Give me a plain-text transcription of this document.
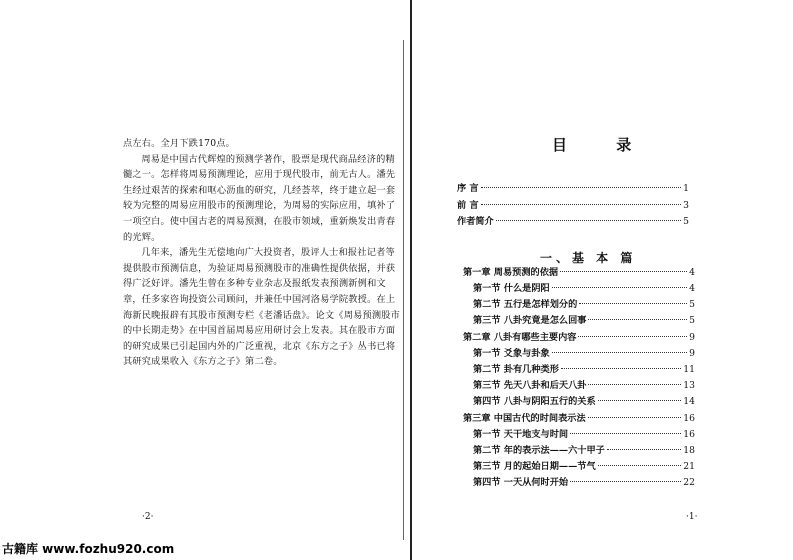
点左右。全月下跌170点。

周易是中国古代辉煌的预测学著作，股票是现代商品经济的精髓之一。怎样将周易预测理论，应用于现代股市，前无古人。潘先生经过艰苦的探索和呕心沥血的研究，几经荟萃，终于建立起一套较为完整的周易应用股市的预测理论，为周易的实际应用，填补了一项空白。使中国古老的周易预测，在股市领域，重新焕发出青春的光辉。

几年来，潘先生无偿地向广大投资者，股评人士和报社记者等提供股市预测信息，为验证周易预测股市的准确性提供依据，并获得广泛好评。潘先生曾在多种专业杂志及报纸发表预测新例和文章，任多家咨询投资公司顾问，并兼任中国河洛易学院教授。在上海新民晚报辟有其股市预测专栏《老潘话盘》。论文《周易预测股市的中长期走势》在中国首届周易应用研讨会上发表。其在股市方面的研究成果已引起国内外的广泛重视，北京《东方之子》丛书已将其研究成果收入《东方之子》第二卷。

·2·
目 录
序 言	1
前 言	3
作者简介	5
一、基 本 篇
第一章 周易预测的依据	4
第一节 什么是阴阳	4
第二节 五行是怎样划分的	5
第三节 八卦究竟是怎么回事	5
第二章 八卦有哪些主要内容	9
第一节 爻象与卦象	9
第二节 卦有几种类形	11
第三节 先天八卦和后天八卦	13
第四节 八卦与阴阳五行的关系	14
第三章 中国古代的时间表示法	16
第一节 天干地支与时间	16
第二节 年的表示法——六十甲子	18
第三节 月的起始日期——节气	21
第四节 一天从何时开始	22
·1·
古籍库 www.fozhu920.com
